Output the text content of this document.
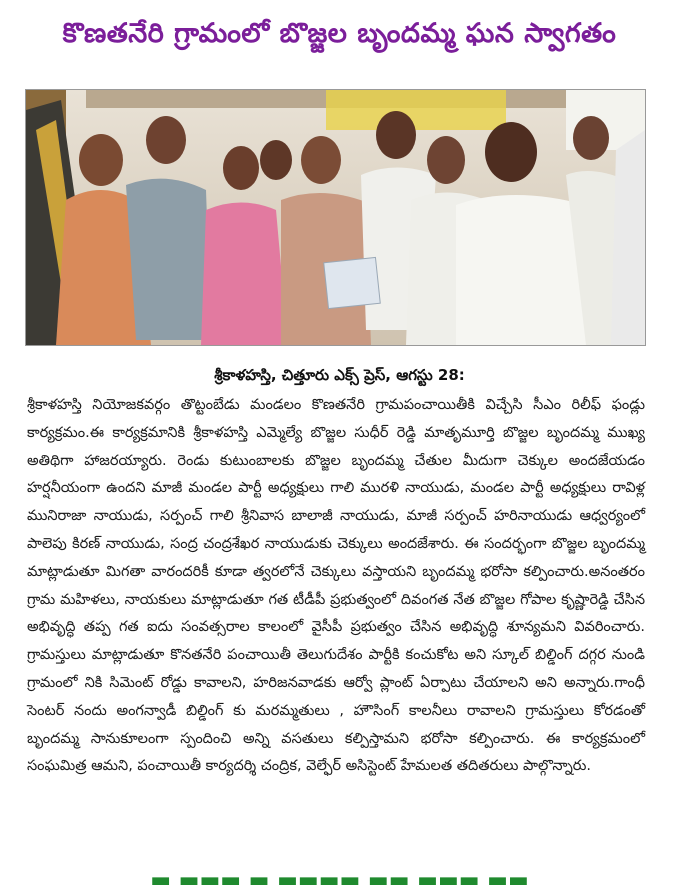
కొణతనేరి గ్రామంలో బొజ్జల బృందమ్మ ఘన స్వాగతం
శ్రీకాళహస్తి, చిత్తూరు ఎక్స్ ప్రెస్, ఆగస్టు 28:
శ్రీకాళహస్తి నియోజకవర్గం తొట్టంబేడు మండలం కొణతనేరి గ్రామపంచాయితీకి విచ్చేసి సీఎం రిలీఫ్ ఫండ్లు కార్యక్రమం.ఈ కార్యక్రమానికి శ్రీకాళహస్తి ఎమ్మెల్యే బొజ్జల సుధీర్ రెడ్డి మాతృమూర్తి బొజ్జల బృందమ్మ ముఖ్య అతిథిగా హాజరయ్యారు. రెండు కుటుంబాలకు బొజ్జల బృందమ్మ చేతుల మీదుగా చెక్కుల అందజేయడం హర్షనీయంగా ఉందని మాజీ మండల పార్టీ అధ్యక్షులు గాలి మురళి నాయుడు, మండల పార్టీ అధ్యక్షులు రావిళ్ల మునిరాజా నాయుడు, సర్పంచ్ గాలి శ్రీనివాస బాలాజీ నాయుడు, మాజీ సర్పంచ్ హరినాయుడు ఆధ్వర్యంలో పాలెపు కిరణ్ నాయుడు, సంద్ర చంద్రశేఖర నాయుడుకు చెక్కులు అందజేశారు. ఈ సందర్భంగా బొజ్జల బృందమ్మ మాట్లాడుతూ మిగతా వారందరికీ కూడా త్వరలోనే చెక్కులు వస్తాయని బృందమ్మ భరోసా కల్పించారు.అనంతరం గ్రామ మహిళలు, నాయకులు మాట్లాడుతూ గత టీడీపీ ప్రభుత్వంలో దివంగత నేత బొజ్జల గోపాల కృష్ణారెడ్డి చేసిన అభివృద్ధి తప్ప గత ఐదు సంవత్సరాల కాలంలో వైసీపీ ప్రభుత్వం చేసిన అభివృద్ధి శూన్యమని వివరించారు. గ్రామస్తులు మాట్లాడుతూ కొనతనేరి పంచాయితీ తెలుగుదేశం పార్టీకి కంచుకోట అని స్కూల్ బిల్డింగ్ దగ్గర నుండి గ్రామంలో నికి సిమెంట్ రోడ్డు కావాలని, హరిజనవాడకు ఆర్వో ప్లాంట్ ఏర్పాటు చేయాలని అని అన్నారు.గాంధీ సెంటర్ నందు అంగన్వాడీ బిల్డింగ్ కు మరమ్మతులు , హౌసింగ్ కాలనీలు రావాలని గ్రామస్తులు కోరడంతో బృందమ్మ సానుకూలంగా స్పందించి అన్ని వసతులు కల్పిస్తామని భరోసా కల్పించారు. ఈ కార్యక్రమంలో సంఘమిత్ర ఆమని, పంచాయితీ కార్యదర్శి చంద్రిక, వెల్ఫేర్ అసిస్టెంట్ హేమలత తదితరులు పాల్గొన్నారు.
▬ ▬▬▬ ▬ ▬▬▬▬ ▬▬ ▬▬▬ ▬▬
